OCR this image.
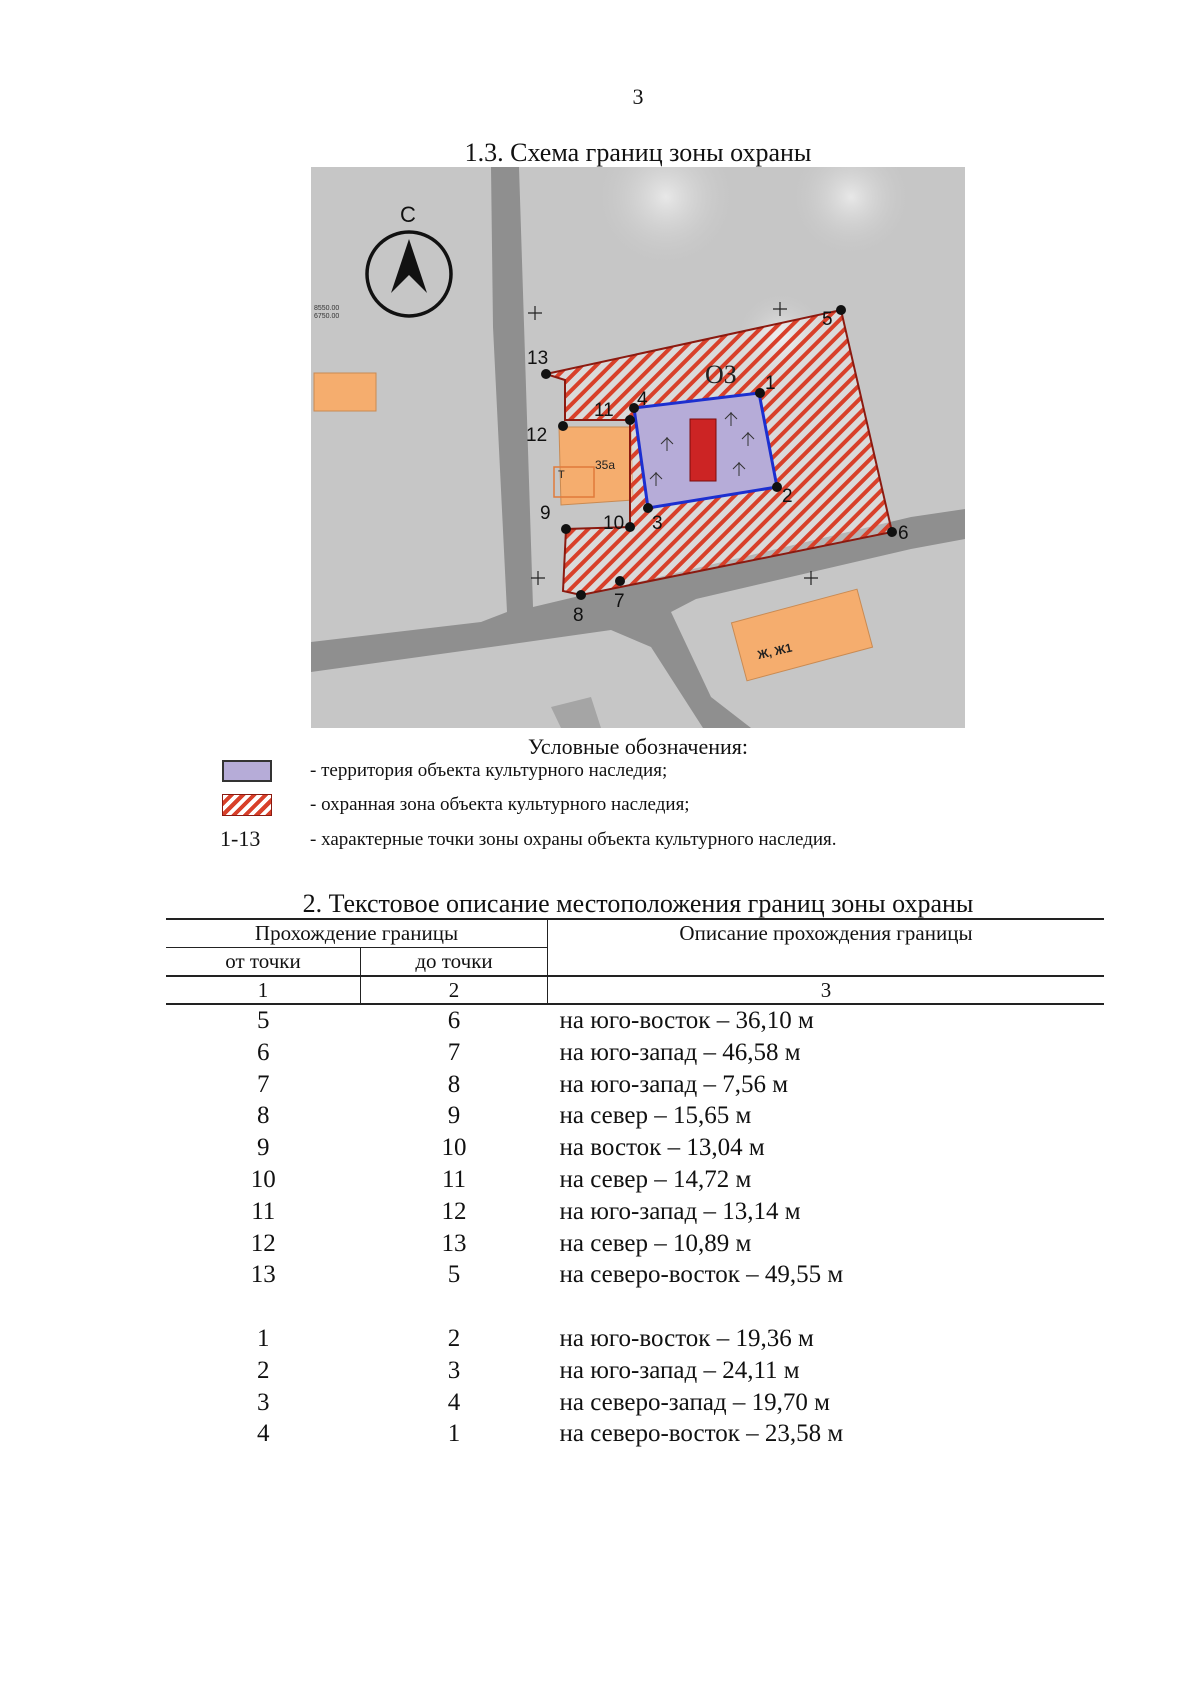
3
1.3. Схема границ зоны охраны
С
8550.00
6750.00
35а
Т
Ж, Ж1
ОЗ 1
2
3
4
5
6
7
8
9	10
11
12
13
Условные обозначения:
- территория объекта культурного наследия;
- охранная зона объекта культурного наследия;
1-13	- характерные точки зоны охраны объекта культурного наследия.
2. Текстовое описание местоположения границ зоны охраны
Прохождение границы		Описание прохождения границы
от точки	до точки	
1	2	3
5	6	на юго-восток – 36,10 м
6	7	на юго-запад – 46,58 м
7	8	на юго-запад – 7,56 м
8	9	на север – 15,65 м
9	10	на восток – 13,04 м
10	11	на север – 14,72 м
11	12	на юго-запад – 13,14 м
12	13	на север – 10,89 м
13	5	на северо-восток – 49,55 м

1	2	на юго-восток – 19,36 м
2	3	на юго-запад – 24,11 м
3	4	на северо-запад – 19,70 м
4	1	на северо-восток – 23,58 м
